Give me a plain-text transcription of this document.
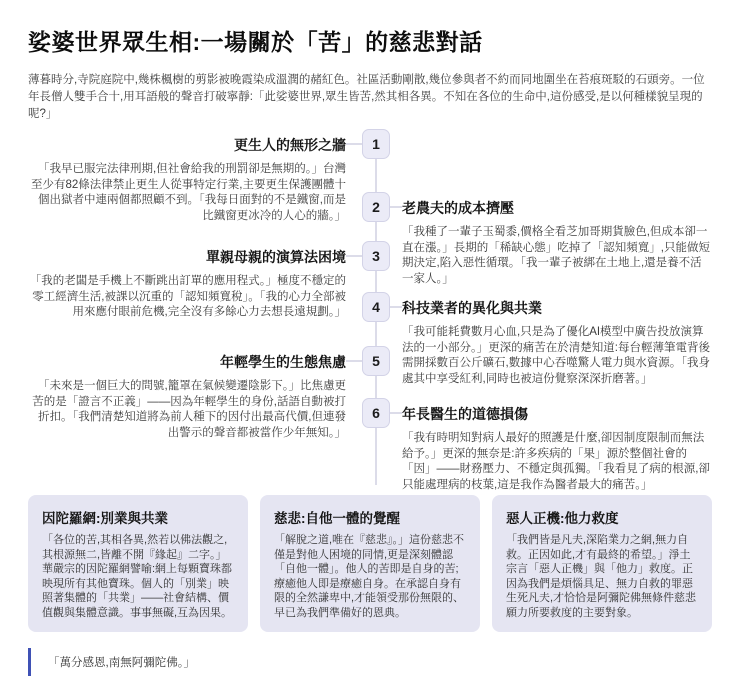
娑婆世界眾生相:一場關於「苦」的慈悲對話

薄暮時分,寺院庭院中,幾株楓樹的剪影被晚霞染成溫潤的赭紅色。社區活動剛散,幾位參與者不約而同地圍坐在苔痕斑駁的石頭旁。一位年長僧人雙手合十,用耳語般的聲音打破寧靜:「此娑婆世界,眾生皆苦,然其相各異。不知在各位的生命中,這份感受,是以何種樣貌呈現的呢?」

1

更生人的無形之牆

「我早已服完法律刑期,但社會給我的刑罰卻是無期的。」台灣至少有82條法律禁止更生人從事特定行業,主要更生保護團體十個出獄者中連兩個都照顧不到。「我每日面對的不是鐵窗,而是比鐵窗更冰冷的人心的牆。」

2 老農夫的成本擠壓

「我種了一輩子玉蜀黍,價格全看芝加哥期貨臉色,但成本卻一直在漲。」長期的「稀缺心態」吃掉了「認知頻寬」,只能做短期決定,陷入惡性循環。「我一輩子被綁在土地上,還是養不活一家人。」

3

單親母親的演算法困境

「我的老闆是手機上不斷跳出訂單的應用程式。」極度不穩定的零工經濟生活,被課以沉重的「認知頻寬稅」。「我的心力全部被用來應付眼前危機,完全沒有多餘心力去想長遠規劃。」 4 科技業者的異化與共業

「我可能耗費數月心血,只是為了優化AI模型中廣告投放演算法的一小部分。」更深的痛苦在於清楚知道:每台輕薄筆電背後需開採數百公斤礦石,數據中心吞噬驚人電力與水資源。「我身處其中享受紅利,同時也被這份覺察深深折磨著。」

5

年輕學生的生態焦慮

「未來是一個巨大的問號,籠罩在氣候變遷陰影下。」比焦慮更苦的是「證言不正義」——因為年輕學生的身份,話語自動被打折扣。「我們清楚知道將為前人種下的因付出最高代價,但連發出警示的聲音都被當作少年無知。」

6 年長醫生的道德損傷

「我有時明知對病人最好的照護是什麼,卻因制度限制而無法給予。」更深的無奈是:許多疾病的「果」源於整個社會的「因」——財務壓力、不穩定與孤獨。「我看見了病的根源,卻只能處理病的枝葉,這是我作為醫者最大的痛苦。」

因陀羅網:別業與共業

「各位的苦,其相各異,然若以佛法觀之,其根源無二,皆離不開『緣起』二字。」華嚴宗的因陀羅網譬喻:網上每顆寶珠都映現所有其他寶珠。個人的「別業」映照著集體的「共業」——社會結構、價值觀與集體意識。事事無礙,互為因果。

慈悲:自他一體的覺醒

「解脫之道,唯在『慈悲』。」這份慈悲不僅是對他人困境的同情,更是深刻體認「自他一體」。他人的苦即是自身的苦;療癒他人即是療癒自身。在承認自身有限的全然謙卑中,才能領受那份無限的、早已為我們準備好的恩典。

惡人正機:他力救度

「我們皆是凡夫,深陷業力之網,無力自救。正因如此,才有最終的希望。」淨土宗言「惡人正機」與「他力」救度。正因為我們是煩惱具足、無力自救的罪惡生死凡夫,才恰恰是阿彌陀佛無條件慈悲願力所要救度的主要對象。

「萬分感恩,南無阿彌陀佛。」
